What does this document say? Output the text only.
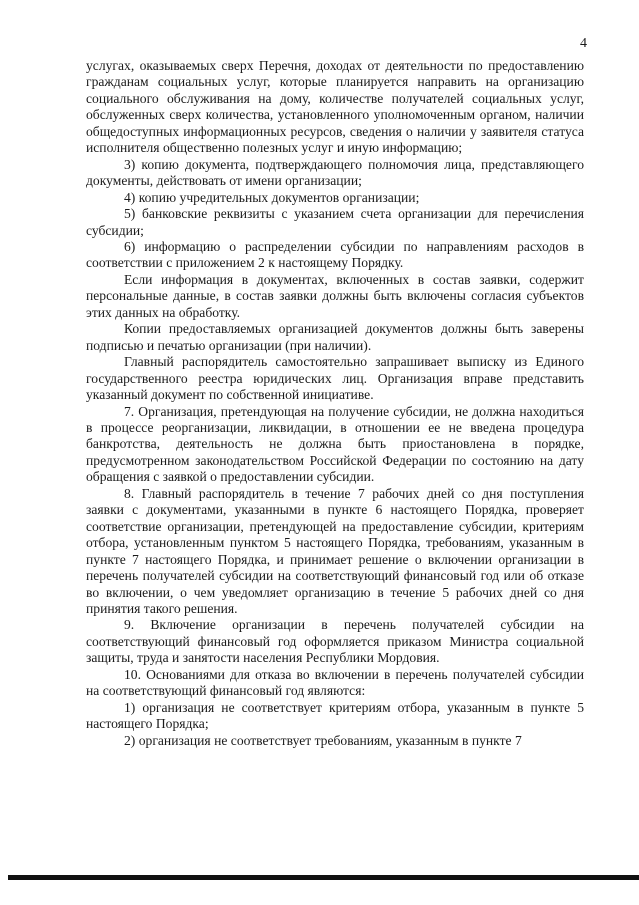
4

услугах, оказываемых сверх Перечня, доходах от деятельности по предоставлению гражданам социальных услуг, которые планируется направить на организацию социального обслуживания на дому, количестве получателей социальных услуг, обслуженных сверх количества, установленного уполномоченным органом, наличии общедоступных информационных ресурсов, сведения о наличии у заявителя статуса исполнителя общественно полезных услуг и иную информацию;

3) копию документа, подтверждающего полномочия лица, представляющего документы, действовать от имени организации;

4) копию учредительных документов организации;

5) банковские реквизиты с указанием счета организации для перечисления субсидии;

6) информацию о распределении субсидии по направлениям расходов в соответствии с приложением 2 к настоящему Порядку.

Если информация в документах, включенных в состав заявки, содержит персональные данные, в состав заявки должны быть включены согласия субъектов этих данных на обработку.

Копии предоставляемых организацией документов должны быть заверены подписью и печатью организации (при наличии).

Главный распорядитель самостоятельно запрашивает выписку из Единого государственного реестра юридических лиц. Организация вправе представить указанный документ по собственной инициативе.

7. Организация, претендующая на получение субсидии, не должна находиться в процессе реорганизации, ликвидации, в отношении ее не введена процедура банкротства, деятельность не должна быть приостановлена в порядке, предусмотренном законодательством Российской Федерации по состоянию на дату обращения с заявкой о предоставлении субсидии.

8. Главный распорядитель в течение 7 рабочих дней со дня поступления заявки с документами, указанными в пункте 6 настоящего Порядка, проверяет соответствие организации, претендующей на предоставление субсидии, критериям отбора, установленным пунктом 5 настоящего Порядка, требованиям, указанным в пункте 7 настоящего Порядка, и принимает решение о включении организации в перечень получателей субсидии на соответствующий финансовый год или об отказе во включении, о чем уведомляет организацию в течение 5 рабочих дней со дня принятия такого решения.

9. Включение организации в перечень получателей субсидии на соответствующий финансовый год оформляется приказом Министра социальной защиты, труда и занятости населения Республики Мордовия.

10. Основаниями для отказа во включении в перечень получателей субсидии на соответствующий финансовый год являются:

1) организация не соответствует критериям отбора, указанным в пункте 5 настоящего Порядка;

2) организация не соответствует требованиям, указанным в пункте 7
